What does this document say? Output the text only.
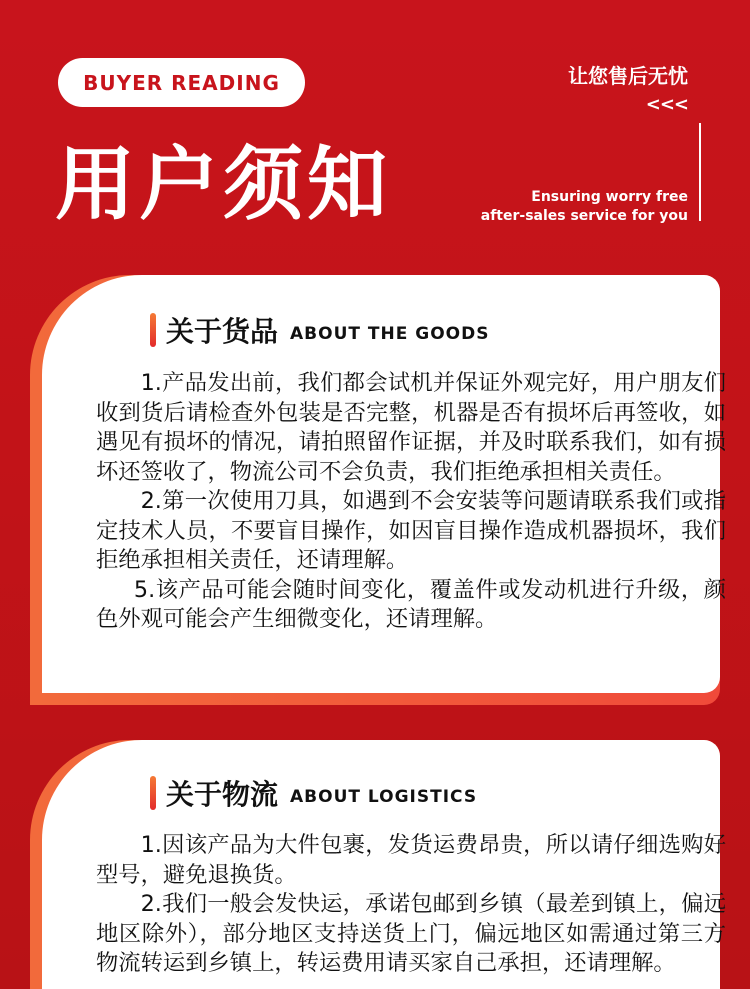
BUYER READING
用户须知
让您售后无忧
<<<
Ensuring worry free
after-sales service for you
关于货品 ABOUT THE GOODS

1.产品发出前，我们都会试机并保证外观完好，用户朋友们收到货后请检查外包装是否完整，机器是否有损坏后再签收，如遇见有损坏的情况，请拍照留作证据，并及时联系我们，如有损坏还签收了，物流公司不会负责，我们拒绝承担相关责任。

2.第一次使用刀具，如遇到不会安装等问题请联系我们或指定技术人员，不要盲目操作，如因盲目操作造成机器损坏，我们拒绝承担相关责任，还请理解。

5.该产品可能会随时间变化，覆盖件或发动机进行升级，颜色外观可能会产生细微变化，还请理解。

关于物流 ABOUT LOGISTICS

1.因该产品为大件包裹，发货运费昂贵，所以请仔细选购好型号，避免退换货。

2.我们一般会发快运，承诺包邮到乡镇（最差到镇上，偏远地区除外），部分地区支持送货上门，偏远地区如需通过第三方物流转运到乡镇上，转运费用请买家自己承担，还请理解。
